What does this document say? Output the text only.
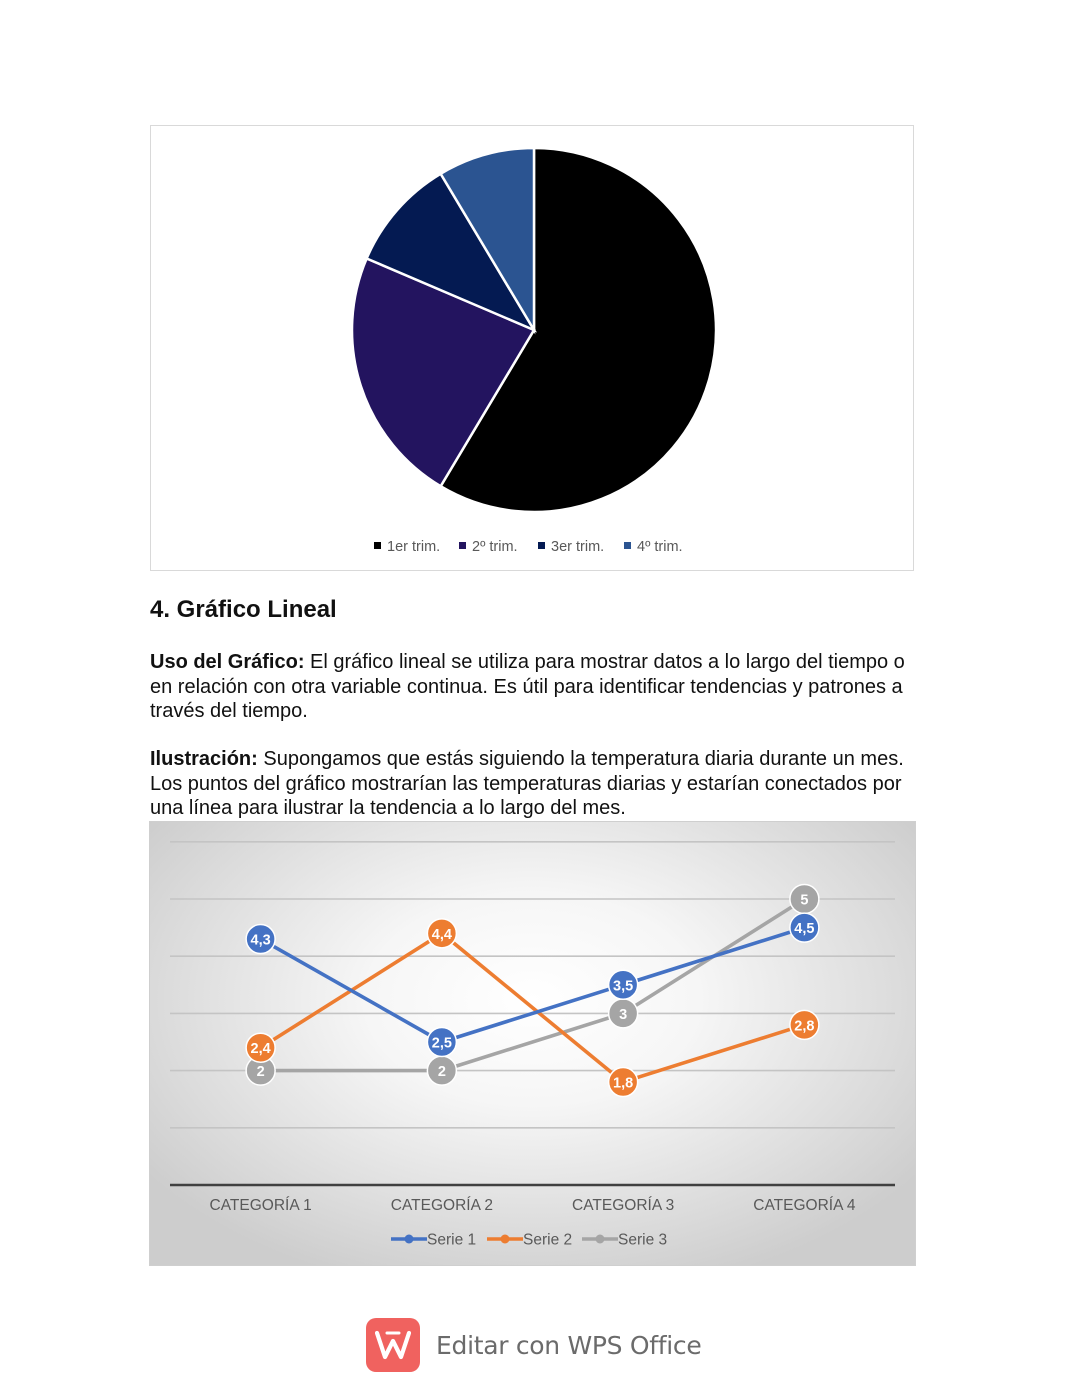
1er trim. 2º trim. 3er trim. 4º trim.
4. Gráfico Lineal

Uso del Gráfico: El gráfico lineal se utiliza para mostrar datos a lo largo del tiempo o en relación con otra variable continua. Es útil para identificar tendencias y patrones a través del tiempo.

Ilustración: Supongamos que estás siguiendo la temperatura diaria durante un mes. Los puntos del gráfico mostrarían las temperaturas diarias y estarían conectados por una línea para ilustrar la tendencia a lo largo del mes.

CATEGORÍA 1	CATEGORÍA 2	CATEGORÍA 3	CATEGORÍA 4
2	2
3
5
2,4
4,4
1,8
2,8
4,3
2,5
3,5
4,5
Serie 1	Serie 2	Serie 3
Editar con WPS Office
